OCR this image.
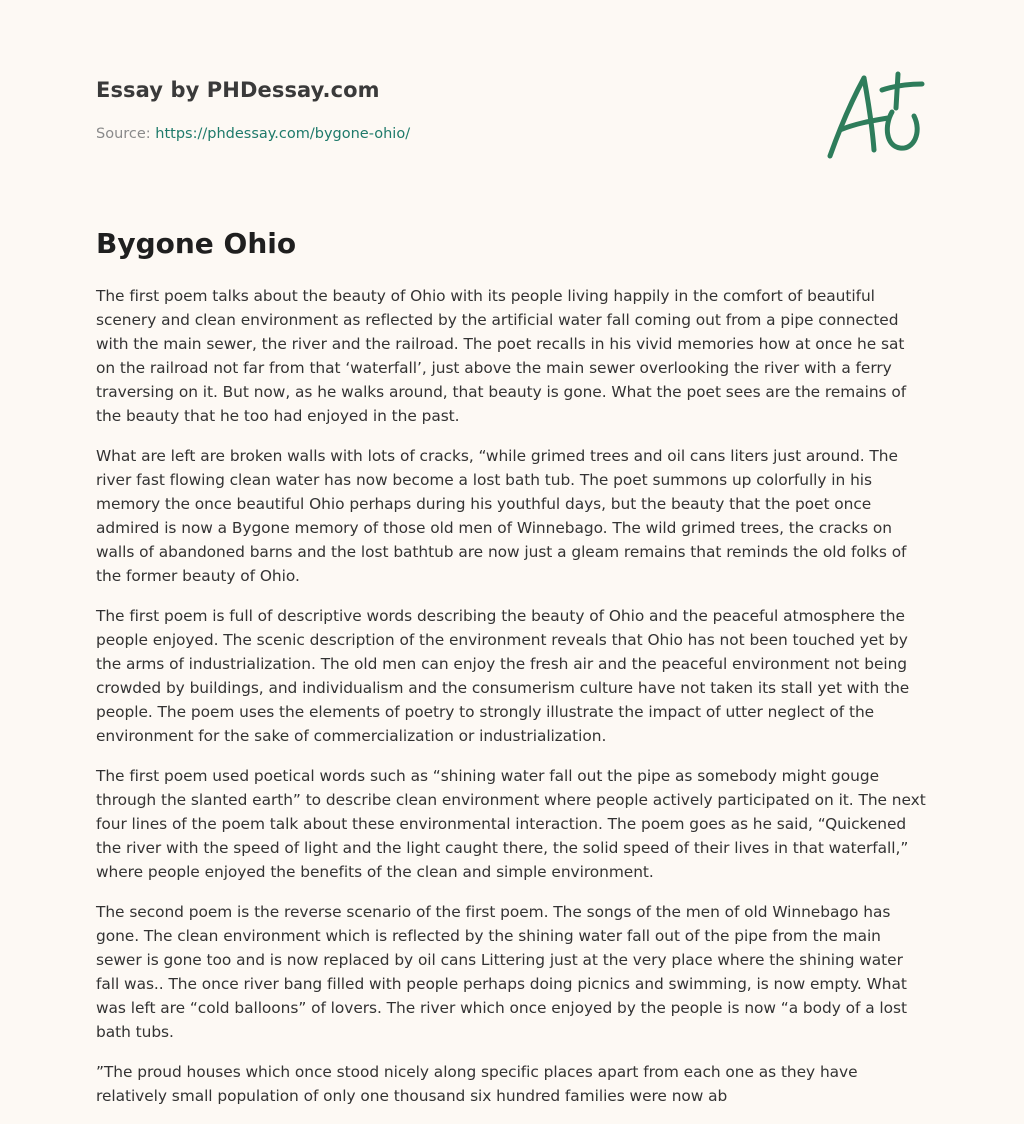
Essay by PHDessay.com
Source: https://phdessay.com/bygone-ohio/
Bygone Ohio

The first poem talks about the beauty of Ohio with its people living happily in the comfort of beautiful scenery and clean environment as reflected by the artificial water fall coming out from a pipe connected with the main sewer, the river and the railroad. The poet recalls in his vivid memories how at once he sat on the railroad not far from that ‘waterfall’, just above the main sewer overlooking the river with a ferry traversing on it. But now, as he walks around, that beauty is gone. What the poet sees are the remains of the beauty that he too had enjoyed in the past.

What are left are broken walls with lots of cracks, “while grimed trees and oil cans liters just around. The river fast flowing clean water has now become a lost bath tub. The poet summons up colorfully in his memory the once beautiful Ohio perhaps during his youthful days, but the beauty that the poet once admired is now a Bygone memory of those old men of Winnebago. The wild grimed trees, the cracks on walls of abandoned barns and the lost bathtub are now just a gleam remains that reminds the old folks of the former beauty of Ohio.

The first poem is full of descriptive words describing the beauty of Ohio and the peaceful atmosphere the people enjoyed. The scenic description of the environment reveals that Ohio has not been touched yet by the arms of industrialization. The old men can enjoy the fresh air and the peaceful environment not being crowded by buildings, and individualism and the consumerism culture have not taken its stall yet with the people. The poem uses the elements of poetry to strongly illustrate the impact of utter neglect of the environment for the sake of commercialization or industrialization.

The first poem used poetical words such as “shining water fall out the pipe as somebody might gouge through the slanted earth” to describe clean environment where people actively participated on it. The next four lines of the poem talk about these environmental interaction. The poem goes as he said, “Quickened the river with the speed of light and the light caught there, the solid speed of their lives in that waterfall,” where people enjoyed the benefits of the clean and simple environment.

The second poem is the reverse scenario of the first poem. The songs of the men of old Winnebago has gone. The clean environment which is reflected by the shining water fall out of the pipe from the main sewer is gone too and is now replaced by oil cans Littering just at the very place where the shining water fall was.. The once river bang filled with people perhaps doing picnics and swimming, is now empty. What was left are “cold balloons” of lovers. The river which once enjoyed by the people is now “a body of a lost bath tubs.

”The proud houses which once stood nicely along specific places apart from each one as they have relatively small population of only one thousand six hundred families were now ab
